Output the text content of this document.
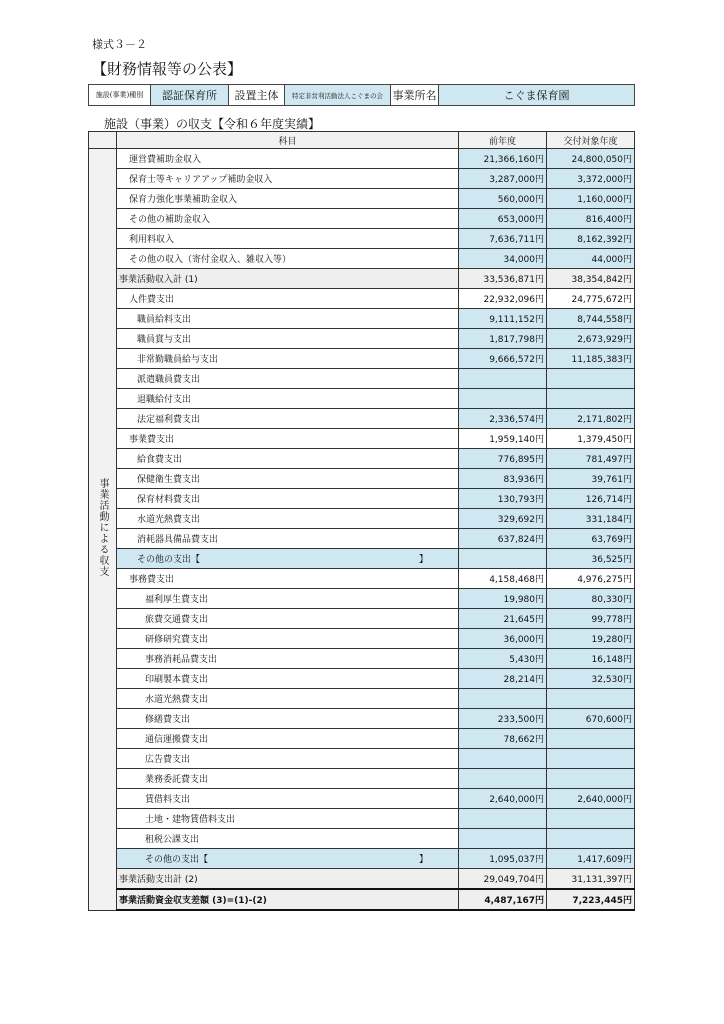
様式３－２
【財務情報等の公表】
施設(事業)種別	認証保育所	設置主体	特定非営利活動法人こぐまの会	事業所名	こぐま保育園
施設（事業）の収支【令和６年度実績】
	科目	前年度	交付対象年度
事業活動による収支	運営費補助金収入	21,366,160円	24,800,050円
	保育士等キャリアアップ補助金収入	3,287,000円	3,372,000円
	保育力強化事業補助金収入	560,000円	1,160,000円
	その他の補助金収入	653,000円	816,400円
	利用料収入	7,636,711円	8,162,392円
	その他の収入（寄付金収入、雑収入等）	34,000円	44,000円
	事業活動収入計 (1)	33,536,871円	38,354,842円
	人件費支出	22,932,096円	24,775,672円
	職員給料支出	9,111,152円	8,744,558円
	職員賞与支出	1,817,798円	2,673,929円
	非常勤職員給与支出	9,666,572円	11,185,383円
	派遣職員費支出		
	退職給付支出		
	法定福利費支出	2,336,574円	2,171,802円
	事業費支出	1,959,140円	1,379,450円
	給食費支出	776,895円	781,497円
	保健衛生費支出	83,936円	39,761円
	保育材料費支出	130,793円	126,714円
	水道光熱費支出	329,692円	331,184円
	消耗器具備品費支出	637,824円	63,769円

	その他の支出【 】		36,525円
	事務費支出	4,158,468円	4,976,275円
	福利厚生費支出	19,980円	80,330円
	旅費交通費支出	21,645円	99,778円
	研修研究費支出	36,000円	19,280円
	事務消耗品費支出	5,430円	16,148円
	印刷製本費支出	28,214円	32,530円
	水道光熱費支出		
	修繕費支出	233,500円	670,600円
	通信運搬費支出	78,662円	
	広告費支出		
	業務委託費支出		
	賃借料支出	2,640,000円	2,640,000円
	土地・建物賃借料支出		
	租税公課支出		

	その他の支出【 】	1,095,037円	1,417,609円
	事業活動支出計 (2)	29,049,704円	31,131,397円
	事業活動資金収支差額 (3)=(1)-(2)	4,487,167円	7,223,445円
